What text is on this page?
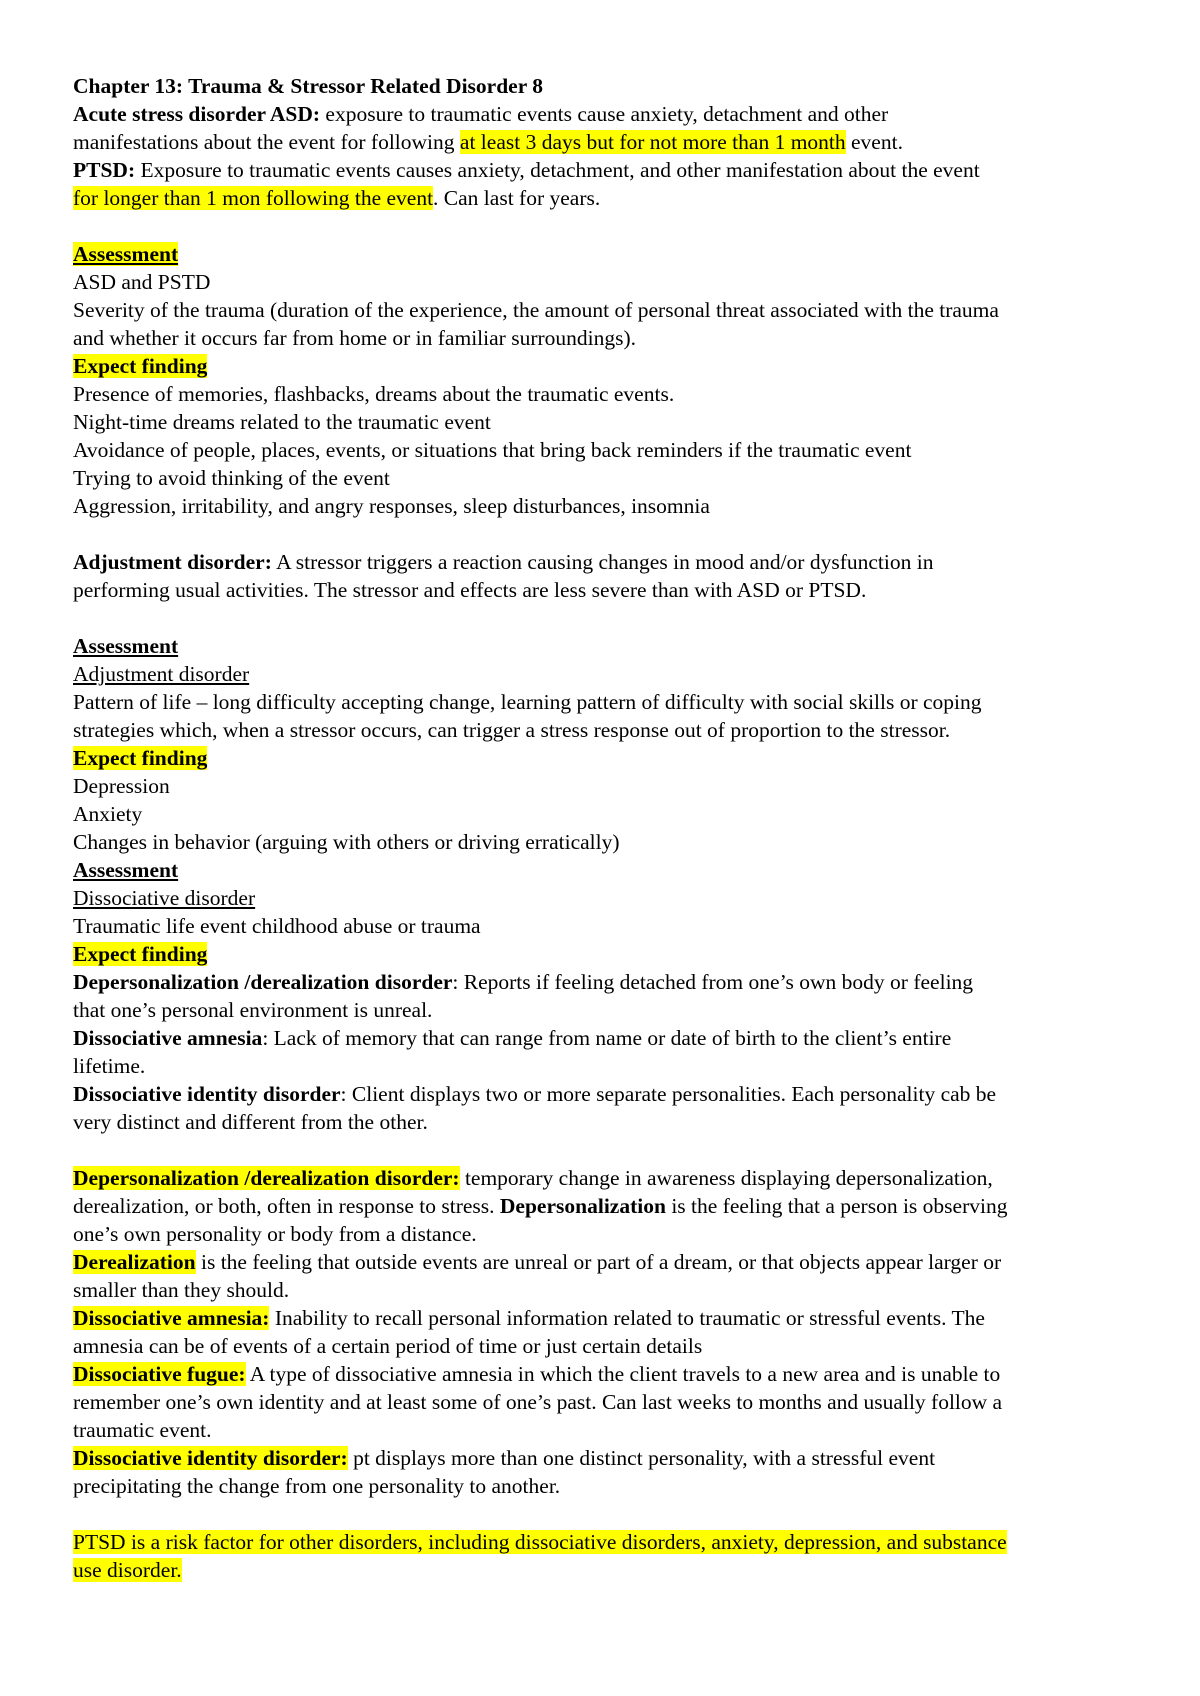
Chapter 13: Trauma & Stressor Related Disorder 8
Acute stress disorder ASD: exposure to traumatic events cause anxiety, detachment and other
manifestations about the event for following at least 3 days but for not more than 1 month event.
PTSD: Exposure to traumatic events causes anxiety, detachment, and other manifestation about the event
for longer than 1 mon following the event. Can last for years.
Assessment
ASD and PSTD
Severity of the trauma (duration of the experience, the amount of personal threat associated with the trauma
and whether it occurs far from home or in familiar surroundings).
Expect finding
Presence of memories, flashbacks, dreams about the traumatic events.
Night-time dreams related to the traumatic event
Avoidance of people, places, events, or situations that bring back reminders if the traumatic event
Trying to avoid thinking of the event
Aggression, irritability, and angry responses, sleep disturbances, insomnia
Adjustment disorder: A stressor triggers a reaction causing changes in mood and/or dysfunction in
performing usual activities. The stressor and effects are less severe than with ASD or PTSD.
Assessment
Adjustment disorder
Pattern of life – long difficulty accepting change, learning pattern of difficulty with social skills or coping
strategies which, when a stressor occurs, can trigger a stress response out of proportion to the stressor.
Expect finding
Depression
Anxiety
Changes in behavior (arguing with others or driving erratically)
Assessment
Dissociative disorder
Traumatic life event childhood abuse or trauma
Expect finding
Depersonalization /derealization disorder: Reports if feeling detached from one’s own body or feeling
that one’s personal environment is unreal.
Dissociative amnesia: Lack of memory that can range from name or date of birth to the client’s entire
lifetime.
Dissociative identity disorder: Client displays two or more separate personalities. Each personality cab be
very distinct and different from the other.
Depersonalization /derealization disorder: temporary change in awareness displaying depersonalization,
derealization, or both, often in response to stress. Depersonalization is the feeling that a person is observing
one’s own personality or body from a distance.
Derealization is the feeling that outside events are unreal or part of a dream, or that objects appear larger or
smaller than they should.
Dissociative amnesia: Inability to recall personal information related to traumatic or stressful events. The
amnesia can be of events of a certain period of time or just certain details
Dissociative fugue: A type of dissociative amnesia in which the client travels to a new area and is unable to
remember one’s own identity and at least some of one’s past. Can last weeks to months and usually follow a
traumatic event.
Dissociative identity disorder: pt displays more than one distinct personality, with a stressful event
precipitating the change from one personality to another.
PTSD is a risk factor for other disorders, including dissociative disorders, anxiety, depression, and substance
use disorder.
